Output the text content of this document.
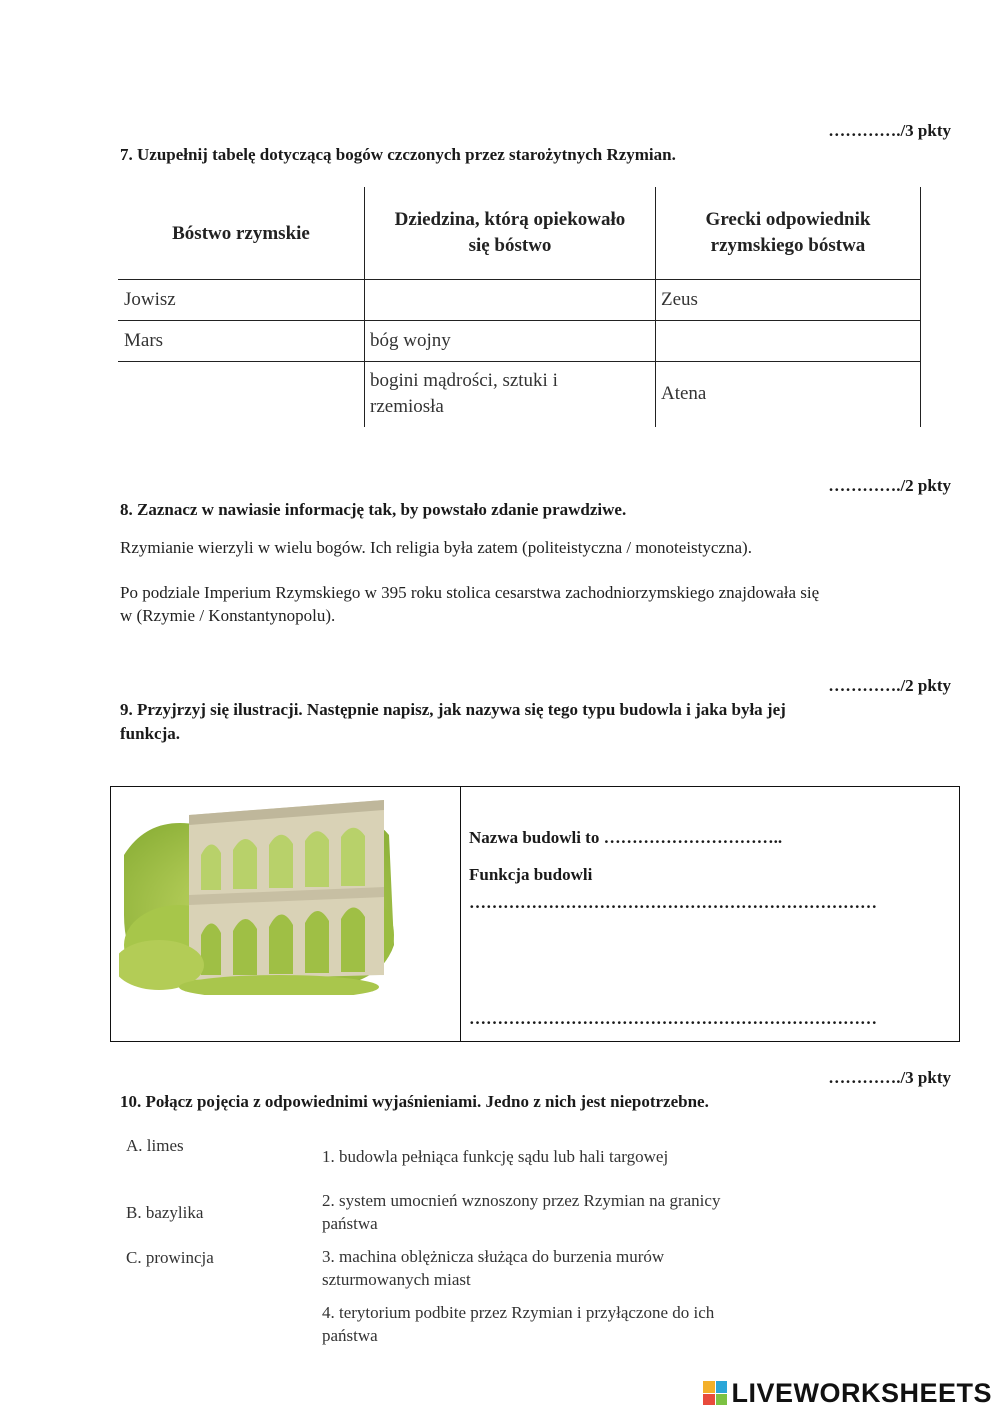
…………./3 pkty
7. Uzupełnij tabelę dotyczącą bogów czczonych przez starożytnych Rzymian.
Bóstwo rzymskie
Dziedzina, którą opiekowało
się bóstwo
Grecki odpowiednik
rzymskiego bóstwa
Jowisz	Zeus
Mars	bóg wojny
bogini mądrości, sztuki i
rzemiosła
Atena
…………./2 pkty
8. Zaznacz w nawiasie informację tak, by powstało zdanie prawdziwe.
Rzymianie wierzyli w wielu bogów. Ich religia była zatem (politeistyczna / monoteistyczna).
Po podziale Imperium Rzymskiego w 395 roku stolica cesarstwa zachodniorzymskiego znajdowała się
w (Rzymie / Konstantynopolu).
…………./2 pkty
9. Przyjrzyj się ilustracji. Następnie napisz, jak nazywa się tego typu budowla i jaka była jej
funkcja.
Nazwa budowli to …………………………..
Funkcja budowli
………………………………………………………………
………………………………………………………………
…………./3 pkty
10. Połącz pojęcia z odpowiednimi wyjaśnieniami. Jedno z nich jest niepotrzebne.
A. limes
B. bazylika
C. prowincja
1. budowla pełniąca funkcję sądu lub hali targowej
2. system umocnień wznoszony przez Rzymian na granicy
państwa
3. machina oblężnicza służąca do burzenia murów
szturmowanych miast
4. terytorium podbite przez Rzymian i przyłączone do ich
państwa
LIVEWORKSHEETS
